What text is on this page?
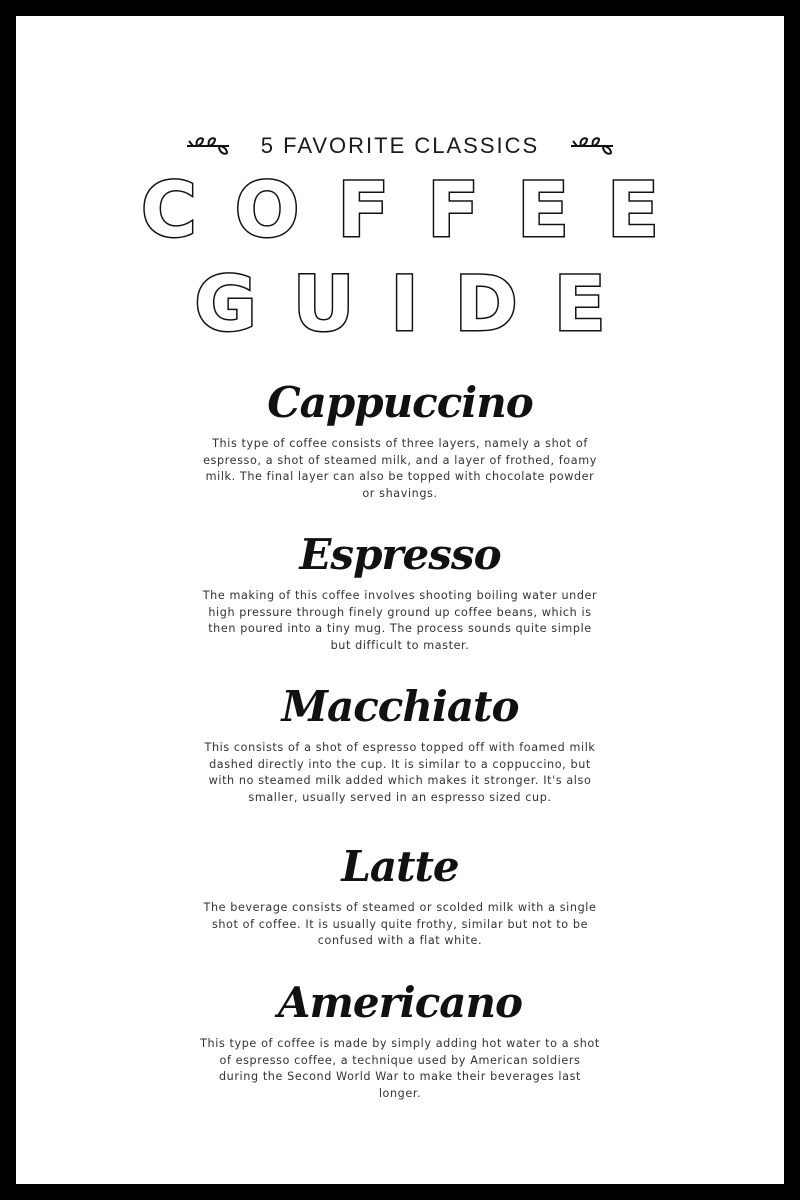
5 FAVORITE CLASSICS
COFFEE
GUIDE
Cappuccino

This type of coffee consists of three layers, namely a shot of espresso, a shot of steamed milk, and a layer of frothed, foamy milk. The final layer can also be topped with chocolate powder or shavings.

Espresso

The making of this coffee involves shooting boiling water under high pressure through finely ground up coffee beans, which is then poured into a tiny mug. The process sounds quite simple but difficult to master.

Macchiato

This consists of a shot of espresso topped off with foamed milk dashed directly into the cup. It is similar to a coppuccino, but with no steamed milk added which makes it stronger. It's also smaller, usually served in an espresso sized cup.

Latte

The beverage consists of steamed or scolded milk with a single shot of coffee. It is usually quite frothy, similar but not to be confused with a flat white.

Americano

This type of coffee is made by simply adding hot water to a shot of espresso coffee, a technique used by American soldiers during the Second World War to make their beverages last longer.
